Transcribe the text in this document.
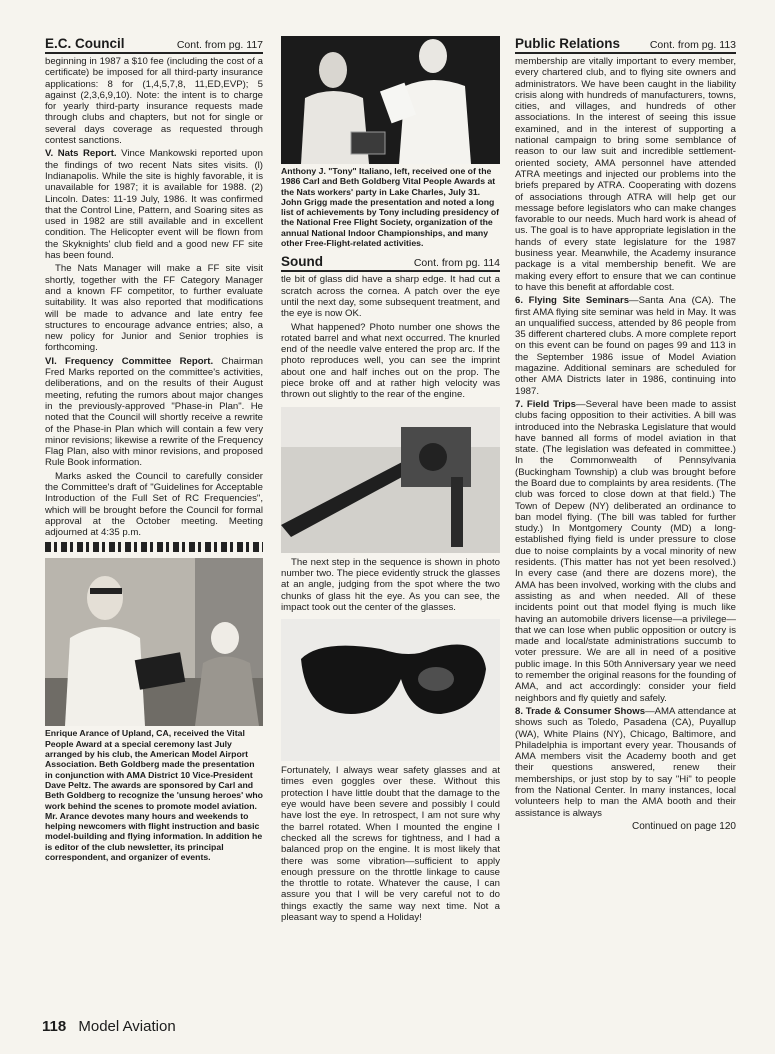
E.C. Council	Cont. from pg. 117

beginning in 1987 a $10 fee (including the cost of a certificate) be imposed for all third-party insurance applications: 8 for (1,4,5,7,8, 11,ED,EVP); 5 against (2,3,6,9,10). Note: the intent is to charge for yearly third-party insurance requests made through clubs and chapters, but not for single or several days coverage as requested through contest sanctions.

V. Nats Report. Vince Mankowski reported upon the findings of two recent Nats sites visits. (l) Indianapolis. While the site is highly favorable, it is unavailable for 1987; it is available for 1988. (2) Lincoln. Dates: 11-19 July, 1986. It was confirmed that the Control Line, Pattern, and Soaring sites as used in 1982 are still available and in excellent condition. The Helicopter event will be flown from the Skyknights' club field and a good new FF site has been found.

The Nats Manager will make a FF site visit shortly, together with the FF Category Manager and a known FF competitor, to further evaluate suitability. It was also reported that modifications will be made to advance and late entry fee structures to encourage advance entries; also, a new policy for Junior and Senior trophies is forthcoming.

VI. Frequency Committee Report. Chairman Fred Marks reported on the committee's activities, deliberations, and on the results of their August meeting, refuting the rumors about major changes in the previously-approved "Phase-in Plan". He noted that the Council will shortly receive a rewrite of the Phase-in Plan which will contain a few very minor revisions; likewise a rewrite of the Frequency Flag Plan, also with minor revisions, and proposed Rule Book information.

Marks asked the Council to carefully consider the Committee's draft of "Guidelines for Acceptable Introduction of the Full Set of RC Frequencies", which will be brought before the Council for formal approval at the October meeting. Meeting adjourned at 4:35 p.m.

Enrique Arance of Upland, CA, received the Vital People Award at a special ceremony last July arranged by his club, the American Model Airport Association. Beth Goldberg made the presentation in conjunction with AMA District 10 Vice-President Dave Peltz. The awards are sponsored by Carl and Beth Goldberg to recognize the 'unsung heroes' who work behind the scenes to promote model aviation. Mr. Arance devotes many hours and weekends to helping newcomers with flight instruction and basic model-building and flying information. In addition he is editor of the club newsletter, its principal correspondent, and organizer of events.

Anthony J. "Tony" Italiano, left, received one of the 1986 Carl and Beth Goldberg Vital People Awards at the Nats workers' party in Lake Charles, July 31. John Grigg made the presentation and noted a long list of achievements by Tony including presidency of the National Free Flight Society, organization of the annual National Indoor Championships, and many other Free-Flight-related activities.

Sound	Cont. from pg. 114

tle bit of glass did have a sharp edge. It had cut a scratch across the cornea. A patch over the eye until the next day, some subsequent treatment, and the eye is now OK.

What happened? Photo number one shows the rotated barrel and what next occurred. The knurled end of the needle valve entered the prop arc. If the photo reproduces well, you can see the imprint about one and half inches out on the prop. The piece broke off and at rather high velocity was thrown out slightly to the rear of the engine.

The next step in the sequence is shown in photo number two. The piece evidently struck the glasses at an angle, judging from the spot where the two chunks of glass hit the eye. As you can see, the impact took out the center of the glasses.

Fortunately, I always wear safety glasses and at times even goggles over these. Without this protection I have little doubt that the damage to the eye would have been severe and possibly I could have lost the eye. In retrospect, I am not sure why the barrel rotated. When I mounted the engine I checked all the screws for tightness, and I had a balanced prop on the engine. It is most likely that there was some vibration—sufficient to apply enough pressure on the throttle linkage to cause the throttle to rotate. Whatever the cause, I can assure you that I will be very careful not to do things exactly the same way next time. Not a pleasant way to spend a Holiday!

Public Relations	Cont. from pg. 113

membership are vitally important to every member, every chartered club, and to flying site owners and administrators. We have been caught in the liability crisis along with hundreds of manufacturers, towns, cities, and villages, and hundreds of other associations. In the interest of seeing this issue examined, and in the interest of supporting a national campaign to bring some semblance of reason to our law suit and incredible settlement-oriented society, AMA personnel have attended ATRA meetings and injected our problems into the briefs prepared by ATRA. Cooperating with dozens of associations through ATRA will help get our message before legislators who can make changes favorable to our needs. Much hard work is ahead of us. The goal is to have appropriate legislation in the hands of every state legislature for the 1987 business year. Meanwhile, the Academy insurance package is a vital membership benefit. We are making every effort to ensure that we can continue to have this benefit at affordable cost.

6. Flying Site Seminars—Santa Ana (CA). The first AMA flying site seminar was held in May. It was an unqualified success, attended by 86 people from 35 different chartered clubs. A more complete report on this event can be found on pages 99 and 113 in the September 1986 issue of Model Aviation magazine. Additional seminars are scheduled for other AMA Districts later in 1986, continuing into 1987.

7. Field Trips—Several have been made to assist clubs facing opposition to their activities. A bill was introduced into the Nebraska Legislature that would have banned all forms of model aviation in that state. (The legislation was defeated in committee.) In the Commonwealth of Pennsylvania (Buckingham Township) a club was brought before the Board due to complaints by area residents. (The club was forced to close down at that field.) The Town of Depew (NY) deliberated an ordinance to ban model flying. (The bill was tabled for further study.) In Montgomery County (MD) a long-established flying field is under pressure to close due to noise complaints by a vocal minority of new residents. (This matter has not yet been resolved.) In every case (and there are dozens more), the AMA has been involved, working with the clubs and assisting as and when needed. All of these incidents point out that model flying is much like having an automobile drivers license—a privilege—that we can lose when public opposition or outcry is made and local/state administrations succumb to voter pressure. We are all in need of a positive public image. In this 50th Anniversary year we need to remember the original reasons for the founding of AMA, and act accordingly: consider your field neighbors and fly quietly and safely.

8. Trade & Consumer Shows—AMA attendance at shows such as Toledo, Pasadena (CA), Puyallup (WA), White Plains (NY), Chicago, Baltimore, and Philadelphia is important every year. Thousands of AMA members visit the Academy booth and get their questions answered, renew their memberships, or just stop by to say "Hi" to people from the National Center. In many instances, local volunteers help to man the AMA booth and their assistance is always

Continued on page 120
118 Model Aviation
